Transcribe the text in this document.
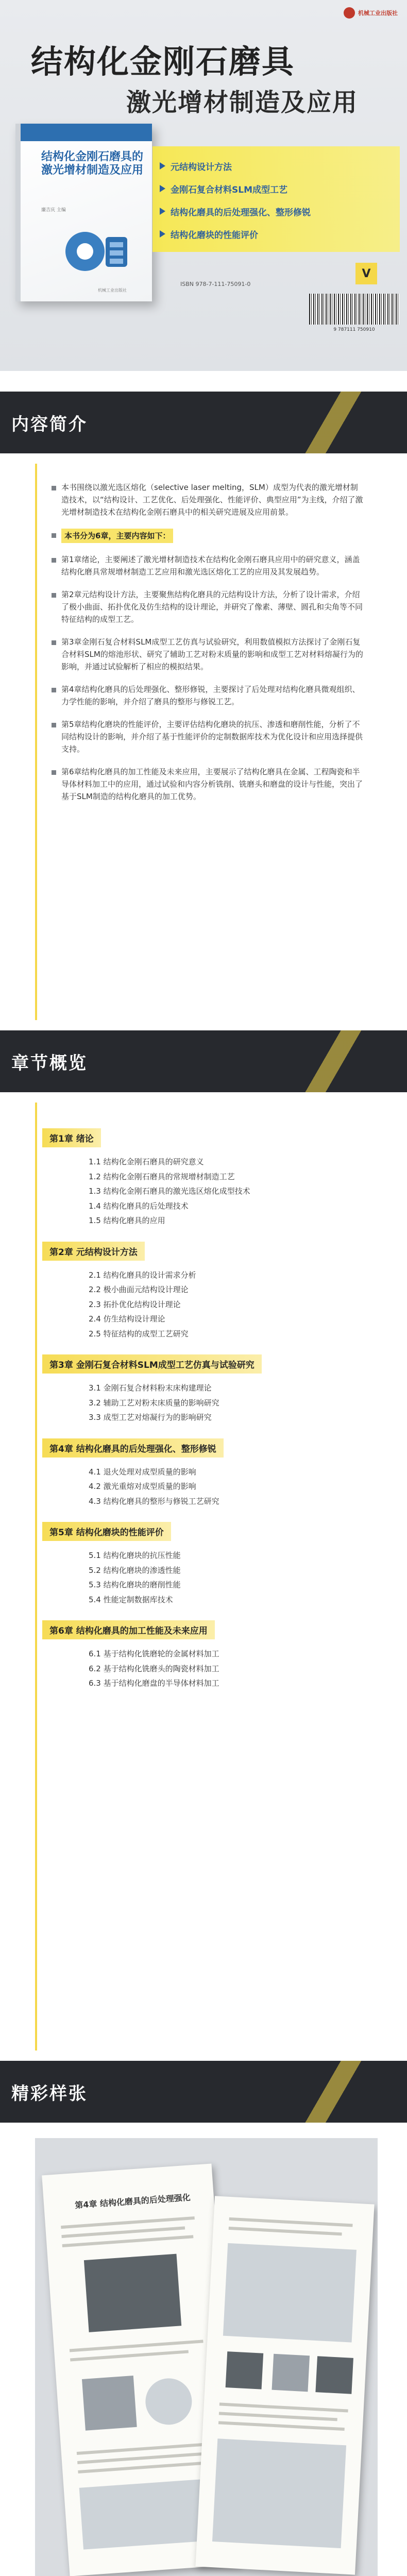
机械工业出版社
结构化金刚石磨具
激光增材制造及应用
结构化金刚石磨具的激光增材制造及应用
廉吉庆 主编
机械工业出版社
元结构设计方法
金刚石复合材料SLM成型工艺
结构化磨具的后处理强化、整形修锐
结构化磨块的性能评价
ISBN 978-7-111-75091-0
V
9 787111 750910
内容简介
本书围绕以激光选区熔化（selective laser melting，SLM）成型为代表的激光增材制造技术，以“结构设计、工艺优化、后处理强化、性能评价、典型应用”为主线，介绍了激光增材制造技术在结构化金刚石磨具中的相关研究进展及应用前景。
本书分为6章，主要内容如下：
第1章绪论，主要阐述了激光增材制造技术在结构化金刚石磨具应用中的研究意义，涵盖结构化磨具常规增材制造工艺应用和激光选区熔化工艺的应用及其发展趋势。
第2章元结构设计方法，主要聚焦结构化磨具的元结构设计方法，分析了设计需求，介绍了极小曲面、拓扑优化及仿生结构的设计理论，并研究了像素、薄壁、圆孔和尖角等不同特征结构的成型工艺。
第3章金刚石复合材料SLM成型工艺仿真与试验研究，利用数值模拟方法探讨了金刚石复合材料SLM的熔池形状、研究了辅助工艺对粉末质量的影响和成型工艺对材料熔凝行为的影响，并通过试验解析了相应的模拟结果。
第4章结构化磨具的后处理强化、整形修锐，主要探讨了后处理对结构化磨具微观组织、力学性能的影响，并介绍了磨具的整形与修锐工艺。
第5章结构化磨块的性能评价，主要评估结构化磨块的抗压、渗透和磨削性能，分析了不同结构设计的影响，并介绍了基于性能评价的定制数据库技术为优化设计和应用选择提供支持。
第6章结构化磨具的加工性能及未来应用，主要展示了结构化磨具在金属、工程陶瓷和半导体材料加工中的应用，通过试验和内容分析铣削、铣磨头和磨盘的设计与性能，突出了基于SLM制造的结构化磨具的加工优势。
章节概览
第1章 绪论
1.1 结构化金刚石磨具的研究意义
1.2 结构化金刚石磨具的常规增材制造工艺
1.3 结构化金刚石磨具的激光选区熔化成型技术
1.4 结构化磨具的后处理技术
1.5 结构化磨具的应用
第2章 元结构设计方法
2.1 结构化磨具的设计需求分析
2.2 极小曲面元结构设计理论
2.3 拓扑优化结构设计理论
2.4 仿生结构设计理论
2.5 特征结构的成型工艺研究
第3章 金刚石复合材料SLM成型工艺仿真与试验研究
3.1 金刚石复合材料粉末床构建理论
3.2 辅助工艺对粉末床质量的影响研究
3.3 成型工艺对熔凝行为的影响研究
第4章 结构化磨具的后处理强化、整形修锐
4.1 退火处理对成型质量的影响
4.2 激光重熔对成型质量的影响
4.3 结构化磨具的整形与修锐工艺研究
第5章 结构化磨块的性能评价
5.1 结构化磨块的抗压性能
5.2 结构化磨块的渗透性能
5.3 结构化磨块的磨削性能
5.4 性能定制数据库技术
第6章 结构化磨具的加工性能及未来应用
6.1 基于结构化铣磨轮的金属材料加工
6.2 基于结构化铣磨头的陶瓷材料加工
6.3 基于结构化磨盘的半导体材料加工
精彩样张
第4章 结构化磨具的后处理强化
